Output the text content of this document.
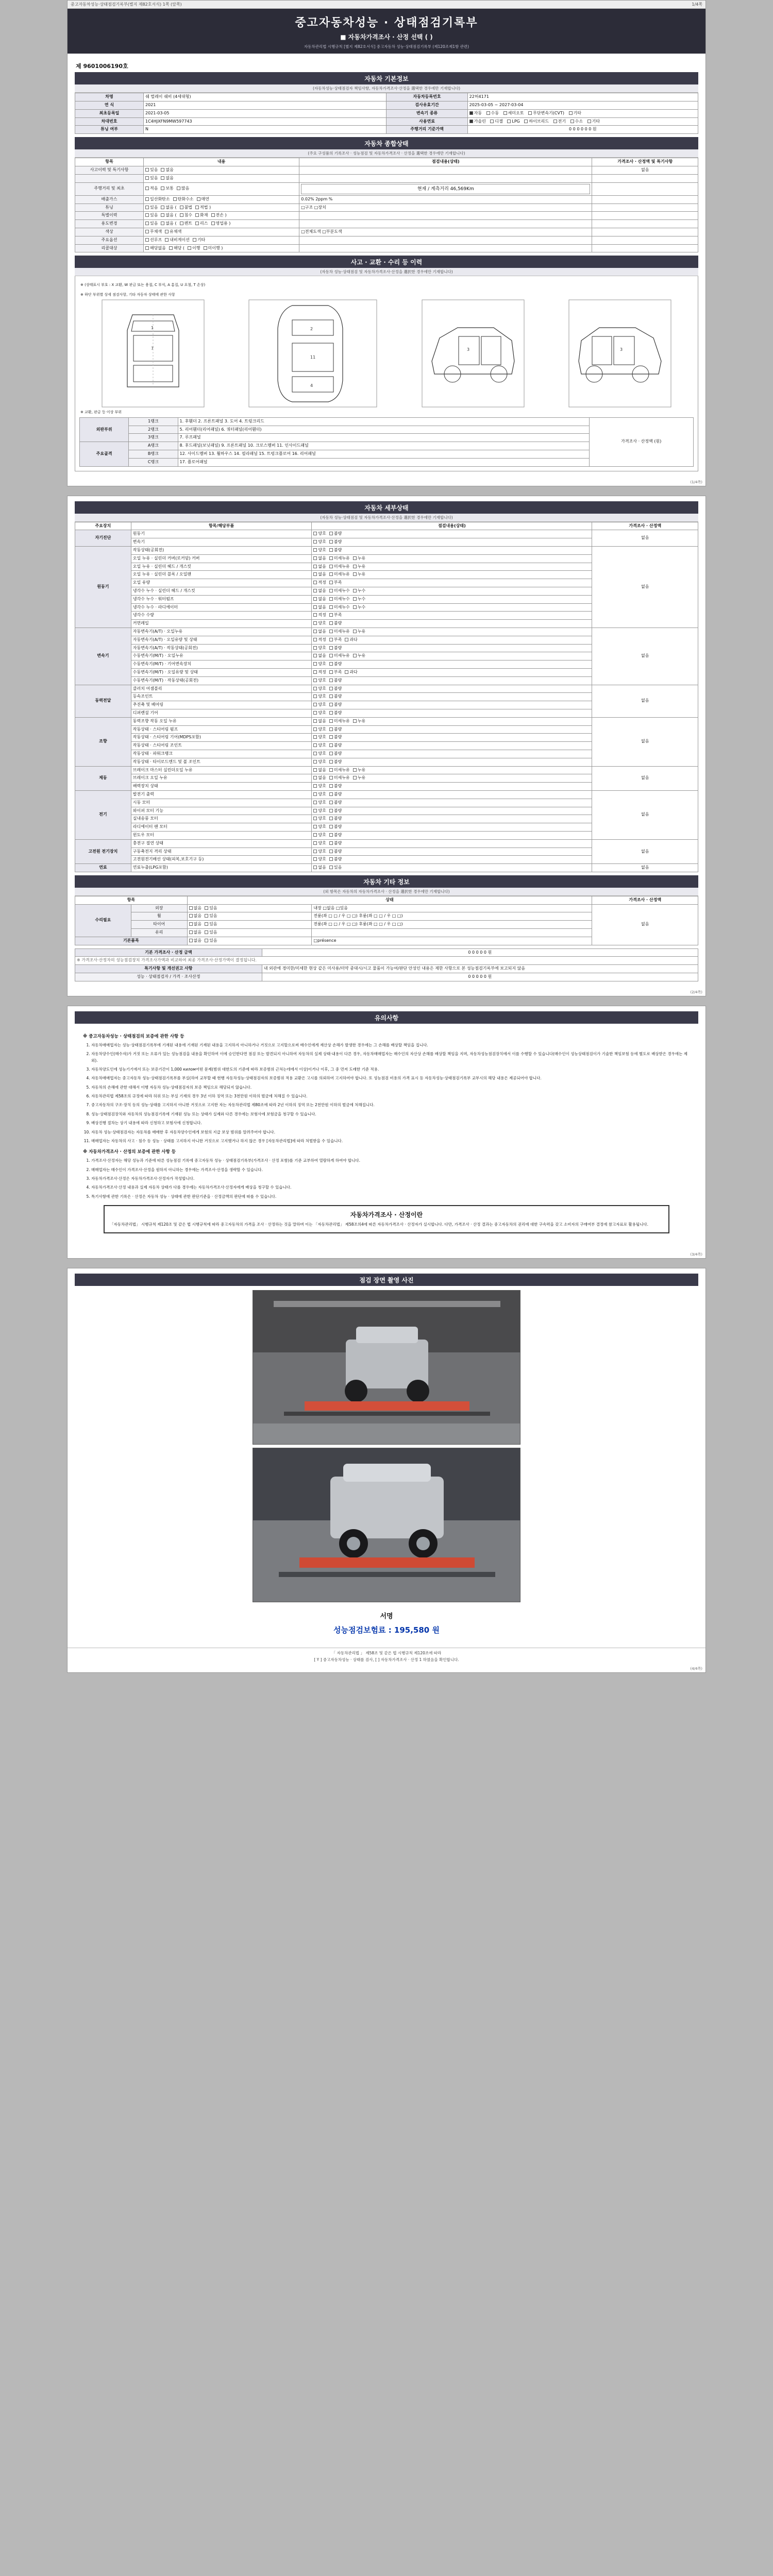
중고자동차성능·상태점검기록부(별지 제82호서식) 1쪽 (앞쪽)	1/4쪽
중고자동차성능 · 상태점검기록부
■ 자동차가격조사 · 산정 선택 ( )
자동차관리법 시행규칙 [별지 제82호서식] 중고자동차 성능·상태점검기록부 (제120조제1항 관련)
제 9601006190호
자동차 기본정보
(자동차성능·상태점검자 책임사항, 자동차가격조사·산정을 選택한 경우에만 기재합니다)
차명	쉐 벌레이 쉐비 (4세대형)	자동차등록번호	22허4171
연 식	2021	검사유효기간	2025-03-05 ~ 2027-03-04
최초등록일	2021-03-05	변속기 종류	자동 수동 세미오토 무단변속기(CVT) 기타
차대번호	1C4HJXFN9MW597743	사용연료	가솔린 디젤 LPG 하이브리드 전기 수소 기타
튜닝 여부	N	주행거리 기준가액	0 0 0 0 0 0 원
자동차 종합상태
(주요 구성품의 기록조사 · 성능점검 및 자동차가격조사 · 산정을 選택한 경우에만 기재합니다)
항목	내용	점검내용(상태)	가격조사 · 산정액 및 특기사항
사고이력 및 특기사항	있음 없음		없음
	있음 없음		
주행거리 및 최초	적음 보통 많음	현재 / 계측거리 46,569Km	

배출가스	일산화탄소 탄화수소 매연	0.02% 2ppm %	
튜닝	있음 없음 ( 불법 적법 )	□구조 □장치	
특별이력	있음 없음 ( 침수 화재 전손 )		
용도변경	있음 없음 ( 렌트 리스 영업용 )		
색상	무채색 유채색	□전체도색 □부분도색	
주요옵션	선루프 내비게이션 기타		
리콜대상	해당없음 해당 ( 이행 미이행 )		
사고 · 교환 · 수리 등 이력
(자동차 성능·상태점검 및 자동차가격조사·산정을 選択한 경우에만 기재합니다)
※ (상태표시 부호 : X 교환, W 판금 또는 용접, C 부식, A 흠집, U 요철, T 손상)
※ 하단 부위별 상세 점검사항, 기타 자동차 상태에 관한 사항
1
7
2
11
4
3	3
※ 교환, 판금 등 이상 부위
외판부위	1랭크	1. 후휀더 2. 프론트패널 3. 도어 4. 트렁크리드	가격조사 · 산정액 (원)
	2랭크	5. 리어휀더(리어패널) 6. 쿼터패널(리어휀더)	
	3랭크	7. 루프패널	
주요골격	A랭크	8. 후드패널(보닛패널) 9. 프론트패널 10. 크로스멤버 11. 인사이드패널	
	B랭크	12. 사이드멤버 13. 휠하우스 14. 필라패널 15. 트렁크플로어 16. 리어패널	
	C랭크	17. 플로어패널	
(1/4쪽)
자동차 세부상태
(자동차 성능·상태점검 및 자동차가격조사·산정을 選択한 경우에만 기재합니다)
주요장치	항목/해당부품	점검내용(상태)	가격조사 · 산정액
자기진단	원동기	양호 불량	없음
	변속기	양호 불량	
원동기	작동상태(공회전)	양호 불량	없음
	오일 누유 · 실린더 커버(로커암) 커버	없음 미세누유 누유	
	오일 누유 · 실린더 헤드 / 개스킷	없음 미세누유 누유	
	오일 누유 · 실린더 블록 / 오일팬	없음 미세누유 누유	
	오일 유량	적정 부족	
	냉각수 누수 · 실린더 헤드 / 개스킷	없음 미세누수 누수	
	냉각수 누수 · 워터펌프	없음 미세누수 누수	
	냉각수 누수 · 라디에이터	없음 미세누수 누수	
	냉각수 수량	적정 부족	
	커먼레일	양호 불량	
변속기	자동변속기(A/T) · 오일누유	없음 미세누유 누유	없음
	자동변속기(A/T) · 오일유량 및 상태	적정 부족 과다	
	자동변속기(A/T) · 작동상태(공회전)	양호 불량	
	수동변속기(M/T) · 오일누유	없음 미세누유 누유	
	수동변속기(M/T) · 기어변속장치	양호 불량	
	수동변속기(M/T) · 오일유량 및 상태	적정 부족 과다	
	수동변속기(M/T) · 작동상태(공회전)	양호 불량	
동력전달	클러치 어셈블리	양호 불량	없음
	등속조인트	양호 불량	
	추진축 및 베어링	양호 불량	
	디퍼렌셜 기어	양호 불량	
조향	동력조향 작동 오일 누유	없음 미세누유 누유	없음
	작동상태 · 스티어링 펌프	양호 불량	
	작동상태 · 스티어링 기어(MDPS포함)	양호 불량	
	작동상태 · 스티어링 조인트	양호 불량	
	작동상태 · 파워크랭크	양호 불량	
	작동상태 · 타이로드엔드 및 볼 조인트	양호 불량	
제동	브레이크 마스터 실린더오일 누유	없음 미세누유 누유	없음
	브레이크 오일 누유	없음 미세누유 누유	
	배력장치 상태	양호 불량	
전기	발전기 출력	양호 불량	없음
	시동 모터	양호 불량	
	와이퍼 모터 기능	양호 불량	
	실내송풍 모터	양호 불량	
	라디에이터 팬 모터	양호 불량	
	윈도우 모터	양호 불량	
고전원 전기장치	충전구 절연 상태	양호 불량	없음
	구동축전지 격리 상태	양호 불량	
	고전원전기배선 상태(피복,보호기구 등)	양호 불량	
연료	연료누출(LPG포함)	없음 있음	없음
자동차 기타 정보
(외 항목은 자동차의 자동차가격조사 · 산정을 選択한 경우에만 기재합니다)
항목		상태		가격조사 · 산정액
수리필요	외장	없음 있음	내장 □없음 □있음	없음
	휠	없음 있음	전륜(좌 □ □ / 우 □ □) 후륜(좌 □ □ / 우 □ □)	
	타이어	없음 있음	전륜(좌 □ □ / 우 □ □) 후륜(좌 □ □ / 우 □ □)	
	유리	없음 있음		
기본품목		없음 있음	□présence	
기본 가격조사 · 산정 금액	0 0 0 0 0 원
※ 가격조사·산정자의 성능점검장치 가격조사가액과 비교하여 최종 가격조사·산정가액이 결정됩니다.	
특기사항 및 개선권고 사항	내 외관에 경미한/미세한 현상 같은 미사용/미약 중대시/시고 물품이 가능여/판단 안성인 내용은 제한 사항으로 본 성능점검기록부에 보고되지 않음
성능 · 상태점검자 / 가격 · 조사산정	0 0 0 0 0 원
(2/4쪽)
유의사항
※ 중고자동차성능 · 상태점검의 보증에 관한 사항 등
1. 자동차매매업자는 성능·상태점검기록부에 기재된 내용에 기재된 기재된 내용을 고지하지 아니하거나 거짓으로 고지할으로써 매수인에게 재산상 손해가 발생한 경우에는 그 손해를 배상할 책임을 집니다.
2. 자동차양수인(매수자)가 거짓 또는 오류가 있는 성능점검을 내용을 확인하여 이에 승인한다면 점검 또는 발견되지 아니하여 자동차의 실제 상태·내용이 다른 경우, 자동차매매업자는 매수인의 자산상 손해를 배상할 책임을 지며, 자동차성능점검장치에서 이를 수행할 수 있습니다(매수인이 성능상태점검이가 기술한 책임보험 등에 별도로 배상받은 경우에는 제외).
3. 자동차양도인에 성능기기에서 또는 보증기간이 1,000 килом어떤 문제(범위 대한도의 기준에 따라 보증범위 근처는데에서 이상)이거나 이후, 그 중 먼저 도래한 기준 적용.
4. 자동차매매업자는 중고자동차 성능·상태점검기록부를 부실(하여 교부할 때 현행 자동차성능·상태점검자의 보증범위 적용 교환은 고시를 의뢰하여 고지하여야 합니다. 또 성능점검 비용의 가격 표시 등 자동차성능·상태점검기록부 교부시의 해당 내용은 제공되어야 합니다.
5. 자동차의 손해에 관한 대해서 이행 자동차 성능·상태점검자의 보증 책임으로 해당되지 않습니다.
6. 자동차관리법 제58조의 규정에 따라 허위 또는 부실 기재의 경우 3년 이하 징역 또는 3천만원 이하의 벌금에 처해질 수 있습니다.
7. 중고자동차의 구조·장치 등의 성능·상태를 고지하지 아니한 거짓으로 고지한 자는 자동차관리법 제80조에 따라 2년 이하의 징역 또는 2천만원 이하의 벌금에 처해집니다.
8. 성능·상태점검장치와 자동차의 성능점검기록에 기재된 성능 또는 상태가 실제와 다른 경우에는 보험사에 보험금을 청구할 수 있습니다.
9. 배상진행 절차는 상기 내용에 따라 신청하고 보험사에 신청합니다.
10. 자동차 성능·상태점검자는 자동차를 매매한 후 자동차양수인에게 보험의 지급 보상 범위를 알려주어야 합니다.
11. 매매업자는 자동차의 사고 · 침수 등 성능 · 상태를 고지하지 아니한 거짓으로 고지했거나 하지 않은 경우 [자동차관리법]에 따라 처벌받을 수 있습니다.
※ 자동차가격조사 · 산정의 보증에 관한 사항 등
1. 가격조사·산정자는 해당 성능과 기준에 따른 성능점검 기록에 중고자동차 성능 · 상태점검기록부(가격조사 · 산정 포함)를 기준 교부하여 열람하게 하여야 합니다.
2. 매매업자는 매수인이 가격조사·산정을 원하지 아니하는 경우에는 가격조사·산정을 생략할 수 있습니다.
3. 자동차가격조사·산정은 자동차가격조사·산정자가 작성합니다.
4. 자동차가격조사·산정 내용과 실제 자동차 상태가 다를 경우에는 자동차가격조사·산정자에게 배상을 청구할 수 있습니다.
5. 특기사항에 관한 기록은 · 산정은 자동차 성능 · 상태에 관한 판단기준을 · 산정금액의 판단에 따를 수 있습니다.
자동차가격조사 · 산정이란
「자동차관리법」 시행규칙 제120조 및 같은 법 시행규칙에 따라 중고자동차의 가격을 조사 · 산정하는 것을 말하며 이는 「자동차관리법」 제58조의4에 따른 자동차가격조사 · 산정자가 실시합니다. 다만, 가격조사 · 산정 결과는 중고자동차의 권리에 대한 구속력을 갖고 소비자의 구매여부 결정에 참고자료로 활용됩니다.
(3/4쪽)
점검 장면 촬영 사진
서명
성능점검보험료 : 195,580 원
「 자동차관리법 」 제58조 및 같은 법 시행규칙 제120조에 따라
[ Y ] 중고자동차성능 · 상태를 검사, [ ] 자동차가격조사 · 산정 1 하였음을 확인합니다.
(4/4쪽)
